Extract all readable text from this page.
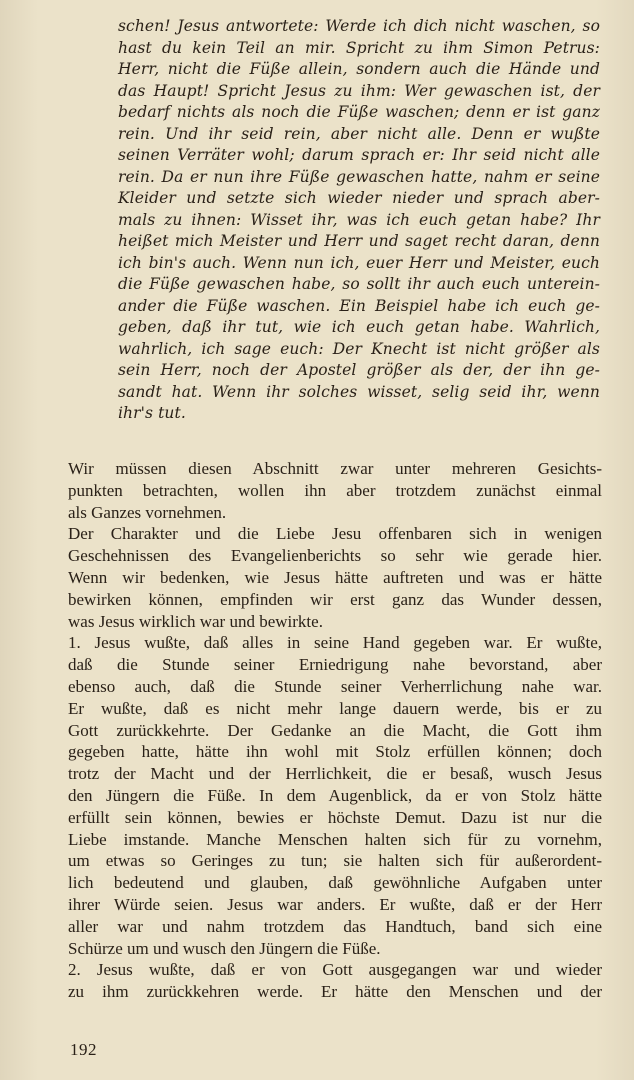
schen! Jesus antwortete: Werde ich dich nicht waschen, so
hast du kein Teil an mir. Spricht zu ihm Simon Petrus:
Herr, nicht die Füße allein, sondern auch die Hände und
das Haupt! Spricht Jesus zu ihm: Wer gewaschen ist, der
bedarf nichts als noch die Füße waschen; denn er ist ganz
rein. Und ihr seid rein, aber nicht alle. Denn er wußte
seinen Verräter wohl; darum sprach er: Ihr seid nicht alle
rein. Da er nun ihre Füße gewaschen hatte, nahm er seine
Kleider und setzte sich wieder nieder und sprach aber-
mals zu ihnen: Wisset ihr, was ich euch getan habe? Ihr
heißet mich Meister und Herr und saget recht daran, denn
ich bin's auch. Wenn nun ich, euer Herr und Meister, euch
die Füße gewaschen habe, so sollt ihr auch euch unterein-
ander die Füße waschen. Ein Beispiel habe ich euch ge-
geben, daß ihr tut, wie ich euch getan habe. Wahrlich,
wahrlich, ich sage euch: Der Knecht ist nicht größer als
sein Herr, noch der Apostel größer als der, der ihn ge-
sandt hat. Wenn ihr solches wisset, selig seid ihr, wenn
ihr's tut.
Wir müssen diesen Abschnitt zwar unter mehreren Gesichts-
punkten betrachten, wollen ihn aber trotzdem zunächst einmal
als Ganzes vornehmen.
Der Charakter und die Liebe Jesu offenbaren sich in wenigen
Geschehnissen des Evangelienberichts so sehr wie gerade hier.
Wenn wir bedenken, wie Jesus hätte auftreten und was er hätte
bewirken können, empfinden wir erst ganz das Wunder dessen,
was Jesus wirklich war und bewirkte.
1. Jesus wußte, daß alles in seine Hand gegeben war. Er wußte,
daß die Stunde seiner Erniedrigung nahe bevorstand, aber
ebenso auch, daß die Stunde seiner Verherrlichung nahe war.
Er wußte, daß es nicht mehr lange dauern werde, bis er zu
Gott zurückkehrte. Der Gedanke an die Macht, die Gott ihm
gegeben hatte, hätte ihn wohl mit Stolz erfüllen können; doch
trotz der Macht und der Herrlichkeit, die er besaß, wusch Jesus
den Jüngern die Füße. In dem Augenblick, da er von Stolz hätte
erfüllt sein können, bewies er höchste Demut. Dazu ist nur die
Liebe imstande. Manche Menschen halten sich für zu vornehm,
um etwas so Geringes zu tun; sie halten sich für außerordent-
lich bedeutend und glauben, daß gewöhnliche Aufgaben unter
ihrer Würde seien. Jesus war anders. Er wußte, daß er der Herr
aller war und nahm trotzdem das Handtuch, band sich eine
Schürze um und wusch den Jüngern die Füße.
2. Jesus wußte, daß er von Gott ausgegangen war und wieder
zu ihm zurückkehren werde. Er hätte den Menschen und der
192
